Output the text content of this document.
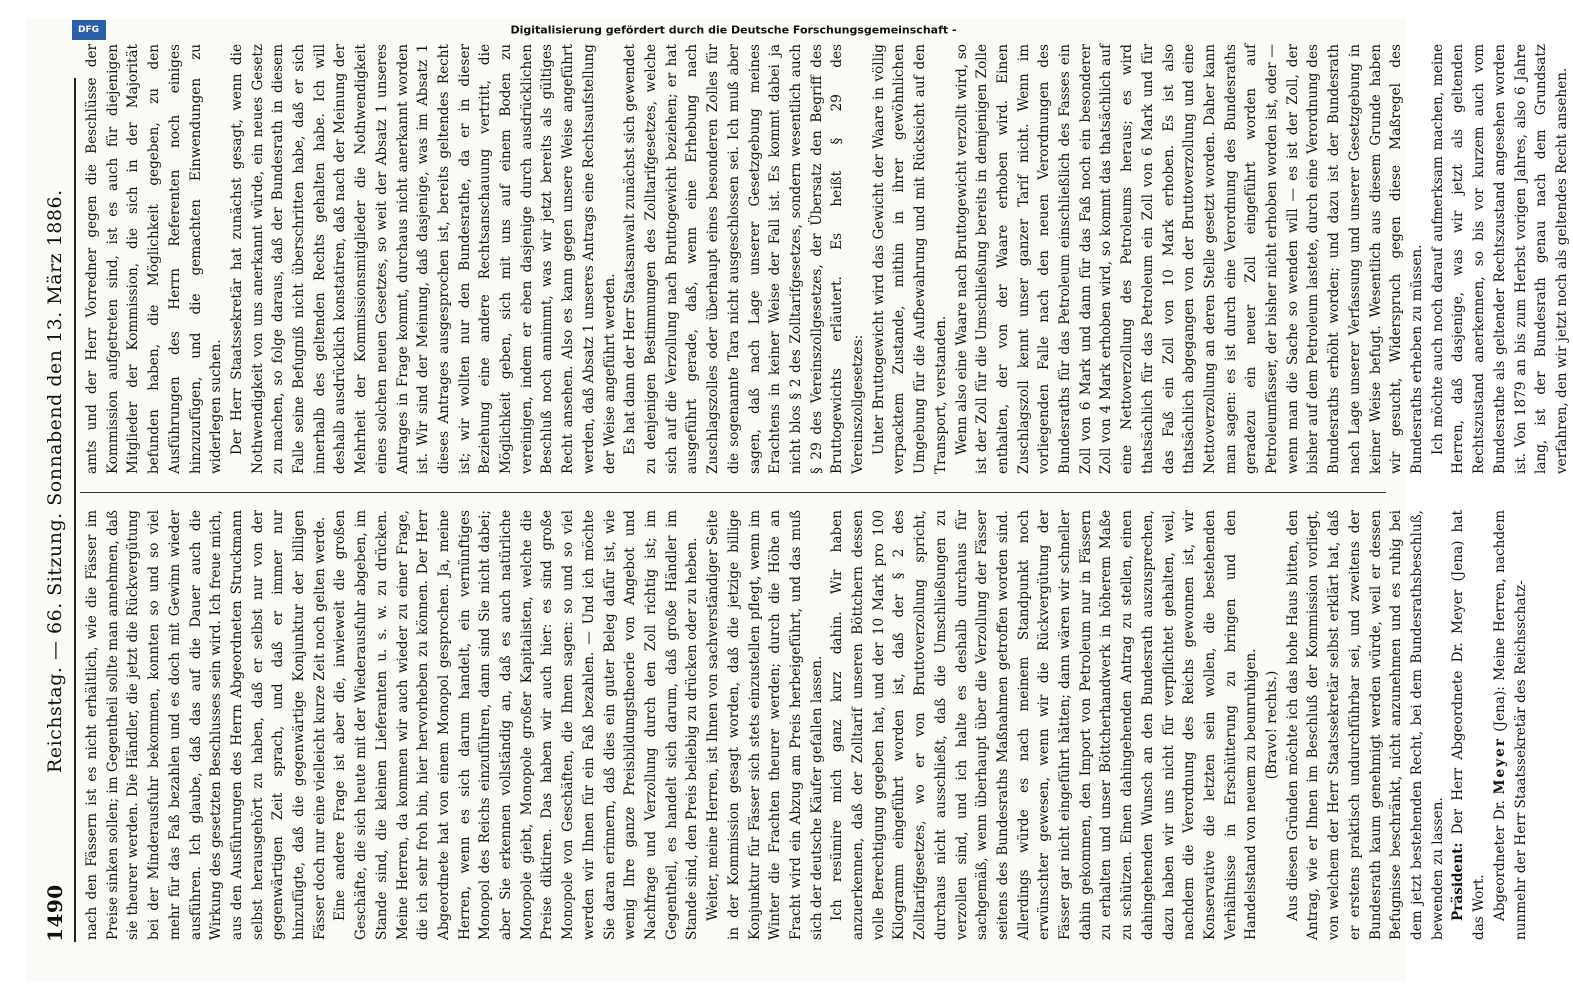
1490
Reichstag. — 66. Sitzung. Sonnabend den 13. März 1886. nach den Fässern ist es nicht erhältlich, wie die Fässer im Preise sinken sollen; im Gegentheil sollte man annehmen, daß sie theurer werden. Die Händler, die jetzt die Rückvergütung bei der Minderausfuhr bekommen, konnten so und so viel mehr für das Faß bezahlen und es doch mit Gewinn wieder ausführen. Ich glaube, daß das auf die Dauer auch die Wirkung des gesetzten Beschlusses sein wird. Ich freue mich, aus den Ausführungen des Herrn Abgeordneten Struckmann selbst herausgehört zu haben, daß er selbst nur von der gegenwärtigen Zeit sprach, und daß er immer nur hinzufügte, daß die gegenwärtige Konjunktur der billigen Fässer doch nur eine vielleicht kurze Zeit noch gelten werde. Eine andere Frage ist aber die, inwieweit die großen Geschäfte, die sich heute mit der Wiederausfuhr abgeben, im Stande sind, die kleinen Lieferanten u. s. w. zu drücken. Meine Herren, da kommen wir auch wieder zu einer Frage, die ich sehr froh bin, hier hervorheben zu können. Der Herr Abgeordnete hat von einem Monopol gesprochen. Ja, meine Herren, wenn es sich darum handelt, ein vernünftiges Monopol des Reichs einzuführen, dann sind Sie nicht dabei; aber Sie erkennen vollständig an, daß es auch natürliche Monopole giebt, Monopole großer Kapitalisten, welche die Preise diktiren. Das haben wir auch hier: es sind große Monopole von Geschäften, die Ihnen sagen: so und so viel werden wir Ihnen für ein Faß bezahlen. — Und ich möchte Sie daran erinnern, daß dies ein guter Beleg dafür ist, wie wenig Ihre ganze Preisbildungstheorie von Angebot und Nachfrage und Verzollung durch den Zoll richtig ist; im Gegentheil, es handelt sich darum, daß große Händler im Stande sind, den Preis beliebig zu drücken oder zu heben. Weiter, meine Herren, ist Ihnen von sachverständiger Seite in der Kommission gesagt worden, daß die jetzige billige Konjunktur für Fässer sich stets einzustellen pflegt, wenn im Winter die Frachten theurer werden; durch die Höhe an Fracht wird ein Abzug am Preis herbeigeführt, und das muß sich der deutsche Käufer gefallen lassen. Ich resümire mich ganz kurz dahin. Wir haben anzuerkennen, daß der Zolltarif unseren Böttchern dessen volle Berechtigung gegeben hat, und der 10 Mark pro 100 Kilogramm eingeführt worden ist, daß der § 2 des Zolltarifgesetzes, wo er von Bruttoverzollung spricht, durchaus nicht ausschließt, daß die Umschließungen zu verzollen sind, und ich halte es deshalb durchaus für sachgemäß, wenn überhaupt über die Verzollung der Fässer seitens des Bundesraths Maßnahmen getroffen worden sind. Allerdings würde es nach meinem Standpunkt noch erwünschter gewesen, wenn wir die Rückvergütung der Fässer gar nicht eingeführt hätten; dann wären wir schneller dahin gekommen, den Import von Petroleum nur in Fässern zu erhalten und unser Böttcherhandwerk in höherem Maße zu schützen. Einen dahingehenden Antrag zu stellen, einen dahingehenden Wunsch an den Bundesrath auszusprechen, dazu haben wir uns nicht für verpflichtet gehalten, weil, nachdem die Verordnung des Reichs gewonnen ist, wir Konservative die letzten sein wollen, die bestehenden Verhältnisse in Erschütterung zu bringen und den Handelsstand von neuem zu beunruhigen. (Bravo! rechts.) Aus diesen Gründen möchte ich das hohe Haus bitten, den Antrag, wie er Ihnen im Beschluß der Kommission vorliegt, von welchem der Herr Staatssekretär selbst erklärt hat, daß er erstens praktisch undurchführbar sei, und zweitens der Bundesrath kaum genehmigt werden würde, weil er dessen Befugnisse beschränkt, nicht anzunehmen und es ruhig bei dem jetzt bestehenden Recht, bei dem Bundesrathsbeschluß, bewenden zu lassen. Präsident: Der Herr Abgeordnete Dr. Meyer (Jena) hat das Wort. Abgeordneter Dr. Meyer (Jena): Meine Herren, nachdem nunmehr der Herr Staatssekretär des Reichsschatz-

amts und der Herr Vorredner gegen die Beschlüsse der Kommission aufgetreten sind, ist es auch für diejenigen Mitglieder der Kommission, die sich in der Majorität befunden haben, die Möglichkeit gegeben, zu den Ausführungen des Herrn Referenten noch einiges hinzuzufügen, und die gemachten Einwendungen zu widerlegen suchen. Der Herr Staatssekretär hat zunächst gesagt, wenn die Nothwendigkeit von uns anerkannt würde, ein neues Gesetz zu machen, so folge daraus, daß der Bundesrath in diesem Falle seine Befugniß nicht überschritten habe, daß er sich innerhalb des geltenden Rechts gehalten habe. Ich will deshalb ausdrücklich konstatiren, daß nach der Meinung der Mehrheit der Kommissionsmitglieder die Nothwendigkeit eines solchen neuen Gesetzes, so weit der Absatz 1 unseres Antrages in Frage kommt, durchaus nicht anerkannt worden ist. Wir sind der Meinung, daß dasjenige, was im Absatz 1 dieses Antrages ausgesprochen ist, bereits geltendes Recht ist; wir wollten nur den Bundesrathe, da er in dieser Beziehung eine andere Rechtsanschauung vertritt, die Möglichkeit geben, sich mit uns auf einem Boden zu vereinigen, indem er eben dasjenige durch ausdrücklichen Beschluß noch annimmt, was wir jetzt bereits als gültiges Recht ansehen. Also es kann gegen unsere Weise angeführt werden, daß Absatz 1 unseres Antrags eine Rechtsaufstellung der Weise angeführt werden. Es hat dann der Herr Staatsanwalt zunächst sich gewendet zu denjenigen Bestimmungen des Zolltarifgesetzes, welche sich auf die Verzollung nach Bruttogewicht beziehen; er hat ausgeführt gerade, daß, wenn eine Erhebung nach Zuschlagszolles oder überhaupt eines besonderen Zolles für die sogenannte Tara nicht ausgeschlossen sei. Ich muß aber sagen, daß nach Lage unserer Gesetzgebung meines Erachtens in keiner Weise der Fall ist. Es kommt dabei ja nicht blos § 2 des Zolltarifgesetzes, sondern wesentlich auch § 29 des Vereinszollgesetzes, der Übersatz den Begriff des Bruttogewichts erläutert. Es heißt § 29 des Vereinszollgesetzes: Unter Bruttogewicht wird das Gewicht der Waare in völlig verpacktem Zustande, mithin in ihrer gewöhnlichen Umgebung für die Aufbewahrung und mit Rücksicht auf den Transport, verstanden. Wenn also eine Waare nach Bruttogewicht verzollt wird, so ist der Zoll für die Umschließung bereits in demjenigen Zolle enthalten, der von der Waare erhoben wird. Einen Zuschlagszoll kennt unser ganzer Tarif nicht. Wenn im vorliegenden Falle nach den neuen Verordnungen des Bundesraths für das Petroleum einschließlich des Fasses ein Zoll von 6 Mark und dann für das Faß noch ein besonderer Zoll von 4 Mark erhoben wird, so kommt das thatsächlich auf eine Nettoverzollung des Petroleums heraus; es wird thatsächlich für das Petroleum ein Zoll von 6 Mark und für das Faß ein Zoll von 10 Mark erhoben. Es ist also thatsächlich abgegangen von der Bruttoverzollung und eine Nettoverzollung an deren Stelle gesetzt worden. Daher kann man sagen: es ist durch eine Verordnung des Bundesraths geradezu ein neuer Zoll eingeführt worden auf Petroleumfässer, der bisher nicht erhoben worden ist, oder — wenn man die Sache so wenden will — es ist der Zoll, der bisher auf dem Petroleum lastete, durch eine Verordnung des Bundesraths erhöht worden; und dazu ist der Bundesrath nach Lage unserer Verfassung und unserer Gesetzgebung in keiner Weise befugt. Wesentlich aus diesem Grunde haben wir gesucht, Widerspruch gegen diese Maßregel des Bundesraths erheben zu müssen. Ich möchte auch noch darauf aufmerksam machen, meine Herren, daß dasjenige, was wir jetzt als geltenden Rechtszustand anerkennen, so bis vor kurzem auch vom Bundesrathe als geltender Rechtszustand angesehen worden ist. Von 1879 an bis zum Herbst vorigen Jahres, also 6 Jahre lang, ist der Bundesrath genau nach dem Grundsatz verfahren, den wir jetzt noch als geltendes Recht ansehen.

Digitalisierung gefördert durch die Deutsche Forschungsgemeinschaft -
DFG
